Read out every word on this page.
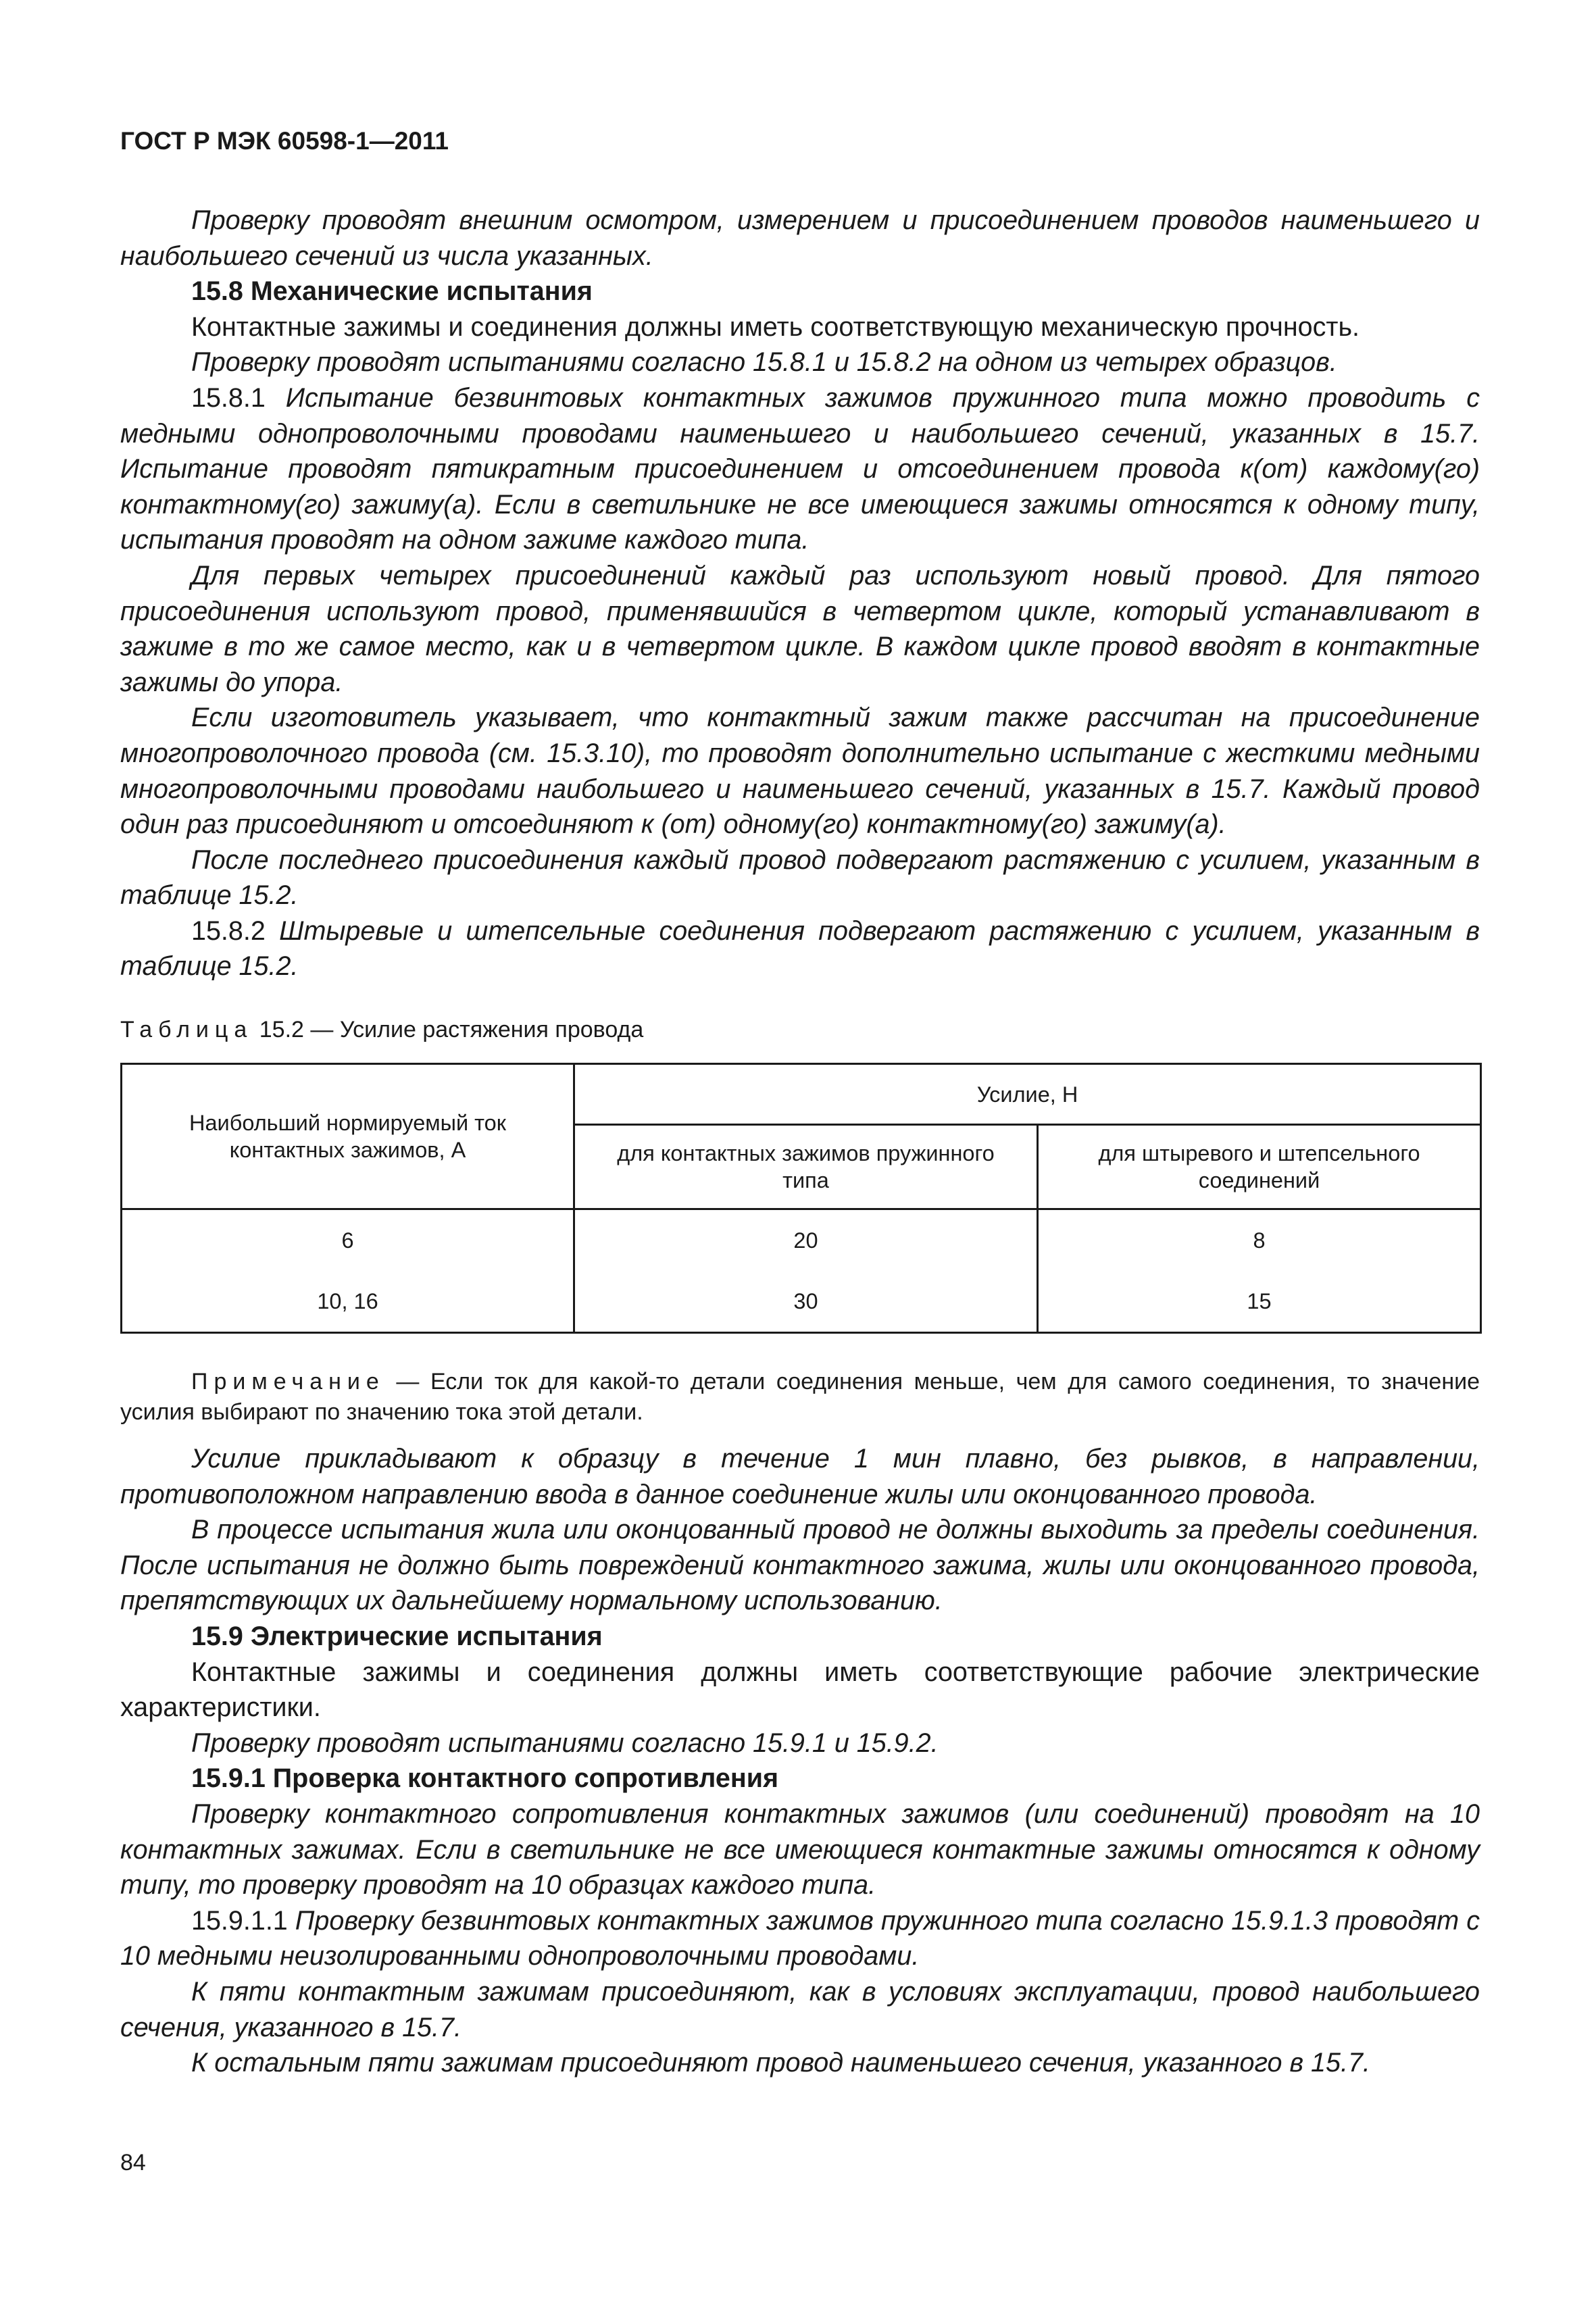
ГОСТ Р МЭК 60598-1—2011

Проверку проводят внешним осмотром, измерением и присоединением проводов наименьшего и наибольшего сечений из числа указанных.

15.8 Механические испытания

Контактные зажимы и соединения должны иметь соответствующую механическую прочность.

Проверку проводят испытаниями согласно 15.8.1 и 15.8.2 на одном из четырех образцов.

15.8.1 Испытание безвинтовых контактных зажимов пружинного типа можно проводить с медными однопроволочными проводами наименьшего и наибольшего сечений, указанных в 15.7. Испытание проводят пятикратным присоединением и отсоединением провода к(от) каждому(го) контактному(го) зажиму(а). Если в светильнике не все имеющиеся зажимы относятся к одному типу, испытания проводят на одном зажиме каждого типа.

Для первых четырех присоединений каждый раз используют новый провод. Для пятого присоединения используют провод, применявшийся в четвертом цикле, который устанавливают в зажиме в то же самое место, как и в четвертом цикле. В каждом цикле провод вводят в контактные зажимы до упора.

Если изготовитель указывает, что контактный зажим также рассчитан на присоединение многопроволочного провода (см. 15.3.10), то проводят дополнительно испытание с жесткими медными многопроволочными проводами наибольшего и наименьшего сечений, указанных в 15.7. Каждый провод один раз присоединяют и отсоединяют к (от) одному(го) контактному(го) зажиму(а).

После последнего присоединения каждый провод подвергают растяжению с усилием, указанным в таблице 15.2.

15.8.2 Штыревые и штепсельные соединения подвергают растяжению с усилием, указанным в таблице 15.2.

Таблица 15.2 — Усилие растяжения провода
Наибольший нормируемый ток контактных зажимов, А	Усилие, Н	
	для контактных зажимов пружинного типа	для штыревого и штепсельного соединений
6	20	8
10, 16	30	15
Примечание — Если ток для какой-то детали соединения меньше, чем для самого соединения, то значение усилия выбирают по значению тока этой детали.

Усилие прикладывают к образцу в течение 1 мин плавно, без рывков, в направлении, противоположном направлению ввода в данное соединение жилы или оконцованного провода.

В процессе испытания жила или оконцованный провод не должны выходить за пределы соединения. После испытания не должно быть повреждений контактного зажима, жилы или оконцованного провода, препятствующих их дальнейшему нормальному использованию.

15.9 Электрические испытания

Контактные зажимы и соединения должны иметь соответствующие рабочие электрические характеристики.

Проверку проводят испытаниями согласно 15.9.1 и 15.9.2.

15.9.1 Проверка контактного сопротивления

Проверку контактного сопротивления контактных зажимов (или соединений) проводят на 10 контактных зажимах. Если в светильнике не все имеющиеся контактные зажимы относятся к одному типу, то проверку проводят на 10 образцах каждого типа.

15.9.1.1 Проверку безвинтовых контактных зажимов пружинного типа согласно 15.9.1.3 проводят с 10 медными неизолированными однопроволочными проводами.

К пяти контактным зажимам присоединяют, как в условиях эксплуатации, провод наибольшего сечения, указанного в 15.7.

К остальным пяти зажимам присоединяют провод наименьшего сечения, указанного в 15.7.

84
